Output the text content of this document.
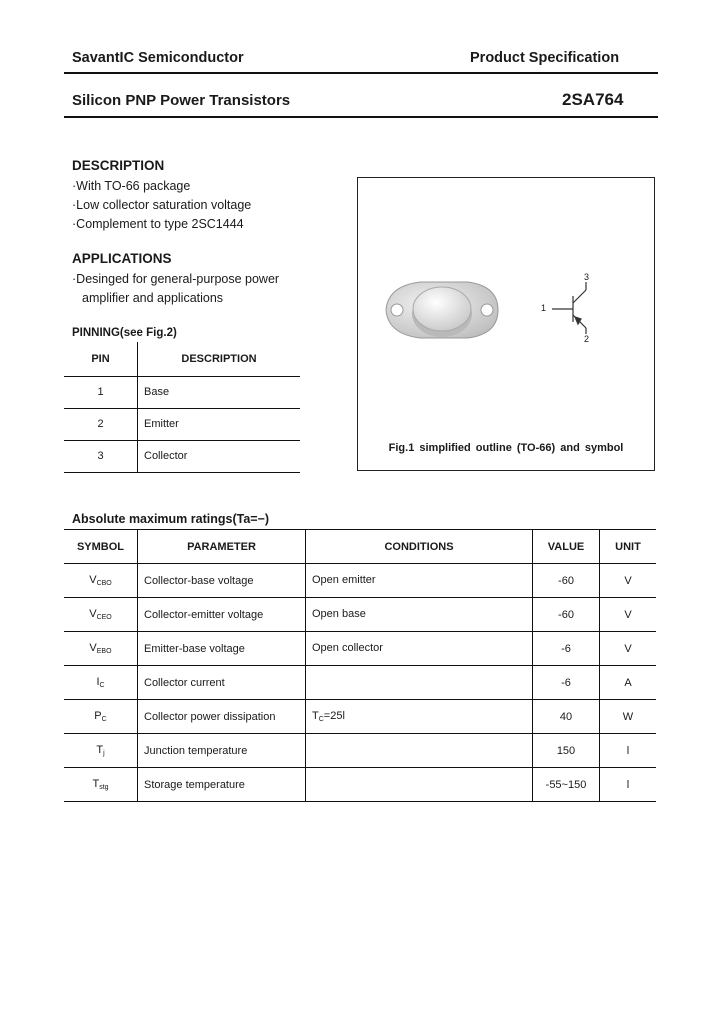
SavantIC Semiconductor	Product Specification
Silicon PNP Power Transistors	2SA764
DESCRIPTION
·With TO-66 package
·Low collector saturation voltage
·Complement to type 2SC1444
APPLICATIONS
·Desinged for general-purpose power
amplifier and applications
PINNING(see Fig.2)
PIN	DESCRIPTION
1	Base
2	Emitter
3	Collector
1
2
3
Fig.1 simplified outline (TO-66) and symbol
Absolute maximum ratings(Ta=−)
SYMBOL	PARAMETER	CONDITIONS	VALUE	UNIT
$V_{CBO}$	Collector-base voltage	Open emitter	-60	V
$V_{CEO}$	Collector-emitter voltage	Open base	-60	V
$V_{EBO}$	Emitter-base voltage	Open collector	-6	V
$I_C$	Collector current		-6	A
$P_C$	Collector power dissipation	$T_C=25l$	40	W
$T_j$	Junction temperature		150	l
$T_{stg}$	Storage temperature		-55~150	l
